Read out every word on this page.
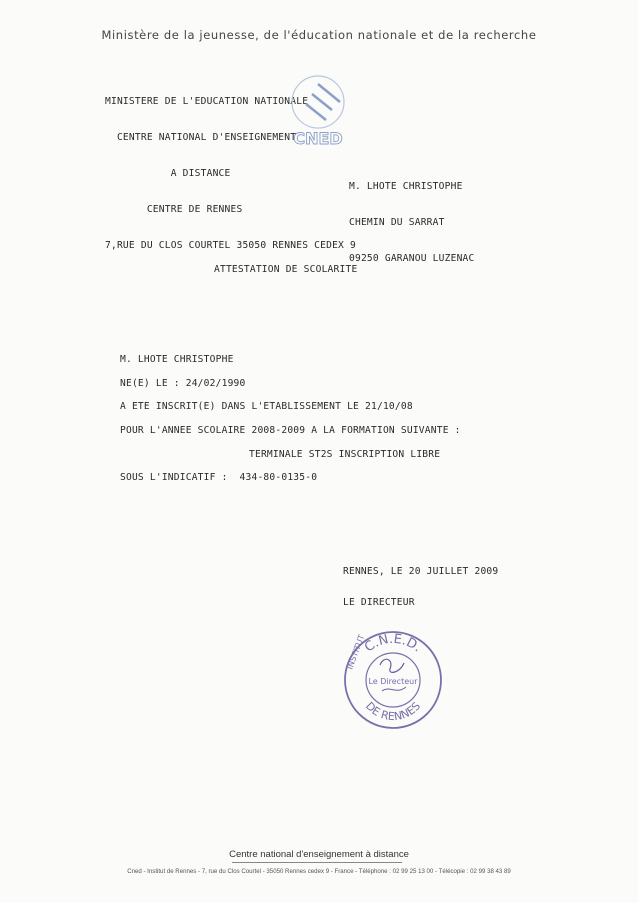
Ministère de la jeunesse, de l'éducation nationale et de la recherche

MINISTERE DE L'EDUCATION NATIONALE

CENTRE NATIONAL D'ENSEIGNEMENT

A DISTANCE

CENTRE DE RENNES

7,RUE DU CLOS COURTEL 35050 RENNES CEDEX 9

CNED

M. LHOTE CHRISTOPHE

CHEMIN DU SARRAT

09250 GARANOU LUZENAC

ATTESTATION DE SCOLARITE
M. LHOTE CHRISTOPHE
NE(E) LE : 24/02/1990
A ETE INSCRIT(E) DANS L'ETABLISSEMENT LE 21/10/08
POUR L'ANNEE SCOLAIRE 2008-2009 A LA FORMATION SUIVANTE :
TERMINALE ST2S INSCRIPTION LIBRE
SOUS L'INDICATIF :  434-80-0135-0
RENNES, LE 20 JUILLET 2009
LE DIRECTEUR
C.N.E.D.
DE RENNES
INSTITUT
Le Directeur
Centre national d'enseignement à distance
Cned - Institut de Rennes - 7, rue du Clos Courtel - 35050 Rennes cedex 9 - France - Téléphone : 02 99 25 13 00 - Télécopie : 02 99 38 43 89
